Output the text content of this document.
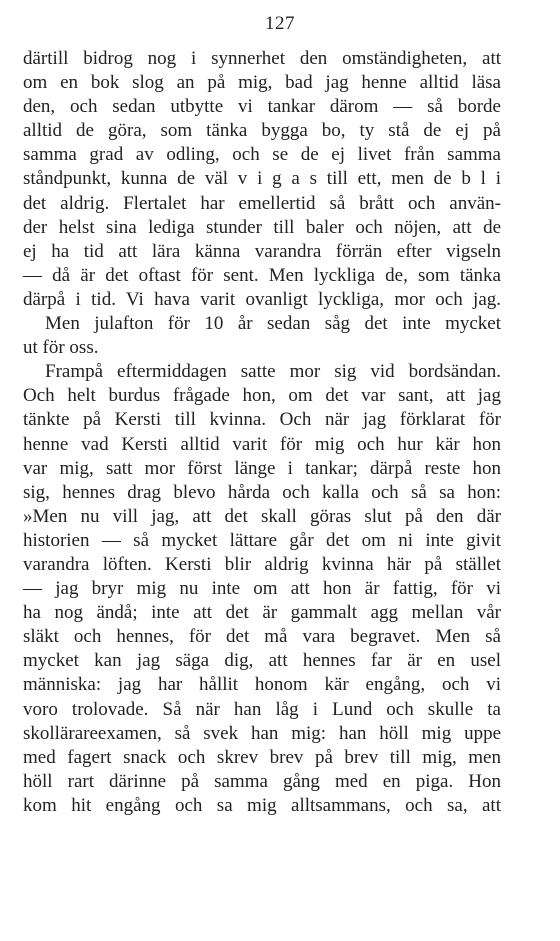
127
därtill bidrog nog i synnerhet den omständigheten, att
om en bok slog an på mig, bad jag henne alltid läsa
den, och sedan utbytte vi tankar därom — så borde
alltid de göra, som tänka bygga bo, ty stå de ej på
samma grad av odling, och se de ej livet från samma
ståndpunkt, kunna de väl v i g a s till ett, men de b l i
det aldrig. Flertalet har emellertid så brått och använ-
der helst sina lediga stunder till baler och nöjen, att de
ej ha tid att lära känna varandra förrän efter vigseln
— då är det oftast för sent. Men lyckliga de, som tänka
därpå i tid. Vi hava varit ovanligt lyckliga, mor och jag.
Men julafton för 10 år sedan såg det inte mycket
ut för oss.
Frampå eftermiddagen satte mor sig vid bordsändan.
Och helt burdus frågade hon, om det var sant, att jag
tänkte på Kersti till kvinna. Och när jag förklarat för
henne vad Kersti alltid varit för mig och hur kär hon
var mig, satt mor först länge i tankar; därpå reste hon
sig, hennes drag blevo hårda och kalla och så sa hon:
»Men nu vill jag, att det skall göras slut på den där
historien — så mycket lättare går det om ni inte givit
varandra löften. Kersti blir aldrig kvinna här på stället
— jag bryr mig nu inte om att hon är fattig, för vi
ha nog ändå; inte att det är gammalt agg mellan vår
släkt och hennes, för det må vara begravet. Men så
mycket kan jag säga dig, att hennes far är en usel
människa: jag har hållit honom kär engång, och vi
voro trolovade. Så när han låg i Lund och skulle ta
skollärareexamen, så svek han mig: han höll mig uppe
med fagert snack och skrev brev på brev till mig, men
höll rart därinne på samma gång med en piga. Hon
kom hit engång och sa mig alltsammans, och sa, att
